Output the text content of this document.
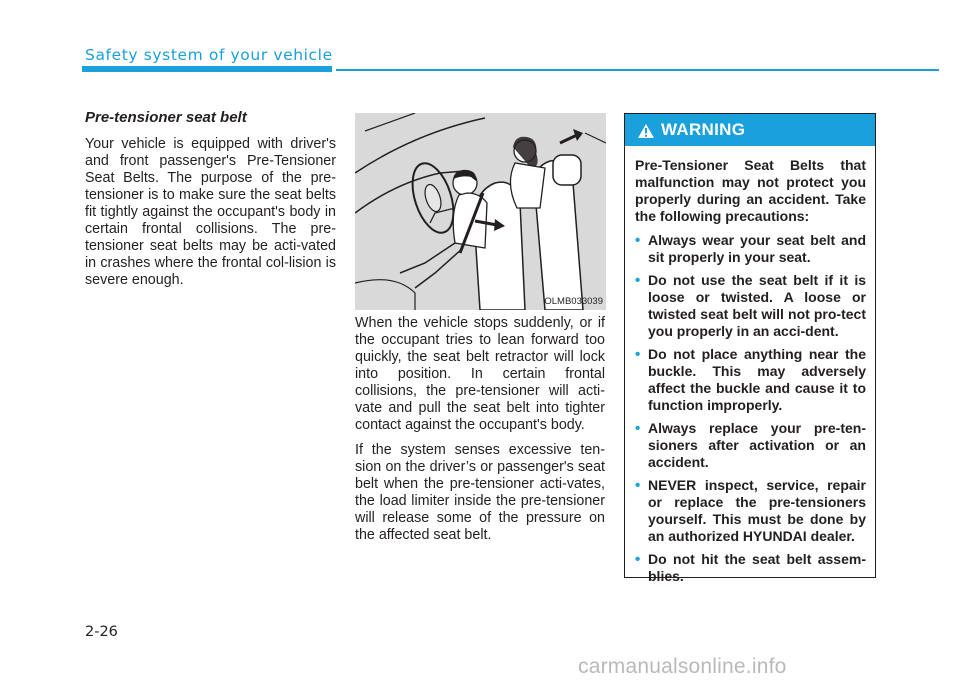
Safety system of your vehicle
Pre-tensioner seat belt

Your vehicle is equipped with driver's and front passenger's Pre-Tensioner Seat Belts. The purpose of the pre-tensioner is to make sure the seat belts fit tightly against the occupant's body in certain frontal collisions. The pre-tensioner seat belts may be acti-vated in crashes where the frontal col-lision is severe enough.

OLMB033039

When the vehicle stops suddenly, or if the occupant tries to lean forward too quickly, the seat belt retractor will lock into position. In certain frontal collisions, the pre-tensioner will acti-vate and pull the seat belt into tighter contact against the occupant's body.

If the system senses excessive ten-sion on the driver’s or passenger's seat belt when the pre-tensioner acti-vates, the load limiter inside the pre-tensioner will release some of the pressure on the affected seat belt.

WARNING

Pre-Tensioner Seat Belts that malfunction may not protect you properly during an accident. Take the following precautions:

• Always wear your seat belt and sit properly in your seat.
• Do not use the seat belt if it is loose or twisted. A loose or twisted seat belt will not pro-tect you properly in an acci-dent.
• Do not place anything near the buckle. This may adversely affect the buckle and cause it to function improperly.
• Always replace your pre-ten-sioners after activation or an accident.
• NEVER inspect, service, repair or replace the pre-tensioners yourself. This must be done by an authorized HYUNDAI dealer.
• Do not hit the seat belt assem-blies.
2-26
carmanualsonline.info
